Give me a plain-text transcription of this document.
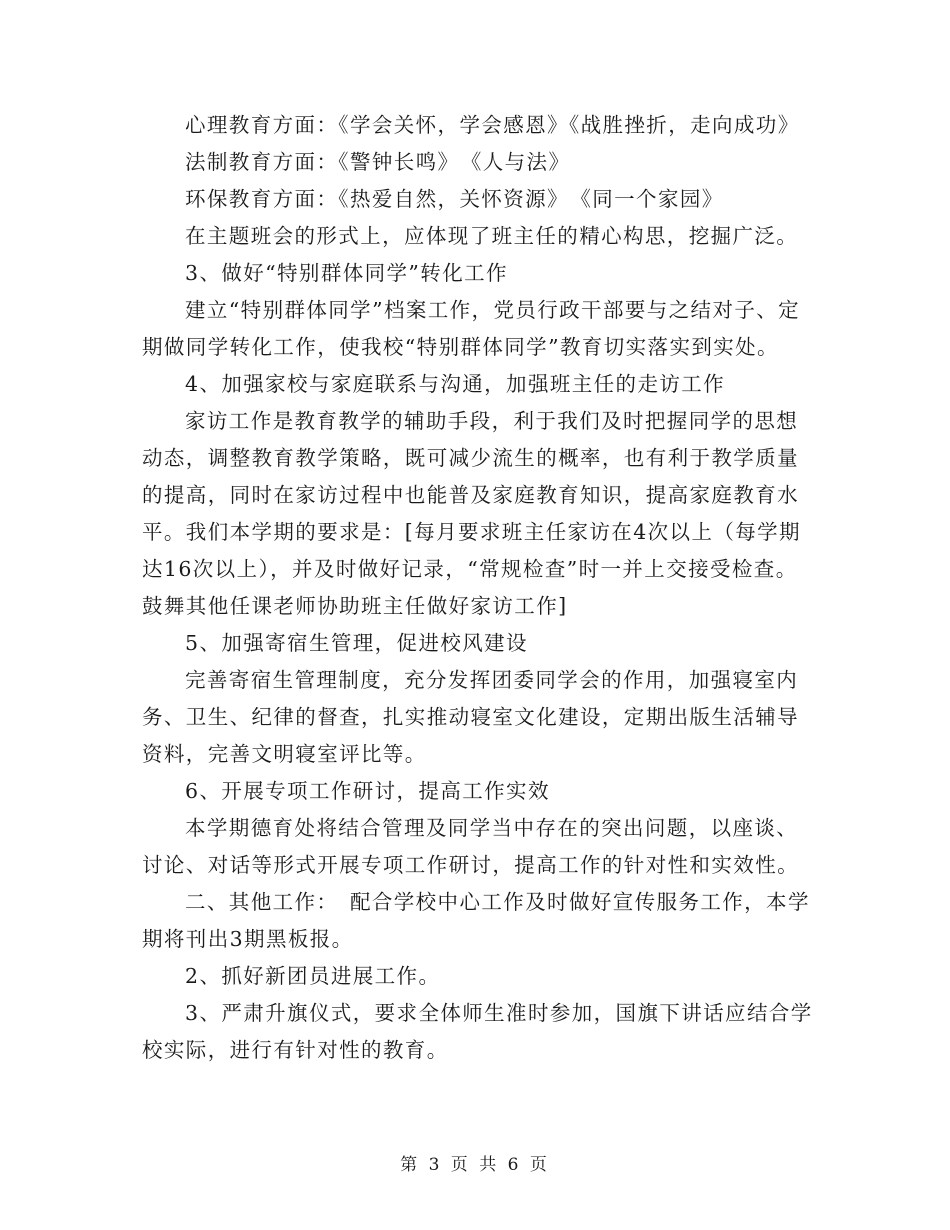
心理教育方面：《学会关怀，学会感恩》《战胜挫折，走向成功》

法制教育方面：《警钟长鸣》　《人与法》

环保教育方面：《热爱自然，关怀资源》　《同一个家园》

在主题班会的形式上，应体现了班主任的精心构思，挖掘广泛。

3、做好“特别群体同学”转化工作

建立“特别群体同学”档案工作，党员行政干部要与之结对子、定期做同学转化工作，使我校“特别群体同学”教育切实落实到实处。

4、加强家校与家庭联系与沟通，加强班主任的走访工作

家访工作是教育教学的辅助手段，利于我们及时把握同学的思想动态，调整教育教学策略，既可减少流生的概率，也有利于教学质量的提高，同时在家访过程中也能普及家庭教育知识，提高家庭教育水平。我们本学期的要求是：[每月要求班主任家访在4次以上（每学期达16次以上），并及时做好记录，“常规检查”时一并上交接受检查。鼓舞其他任课老师协助班主任做好家访工作]

5、加强寄宿生管理，促进校风建设

完善寄宿生管理制度，充分发挥团委同学会的作用，加强寝室内务、卫生、纪律的督查，扎实推动寝室文化建设，定期出版生活辅导资料，完善文明寝室评比等。

6、开展专项工作研讨，提高工作实效

本学期德育处将结合管理及同学当中存在的突出问题，以座谈、讨论、对话等形式开展专项工作研讨，提高工作的针对性和实效性。

二、其他工作：　配合学校中心工作及时做好宣传服务工作，本学期将刊出3期黑板报。

2、抓好新团员进展工作。

3、严肃升旗仪式，要求全体师生准时参加，国旗下讲话应结合学校实际，进行有针对性的教育。

第 3 页 共 6 页
